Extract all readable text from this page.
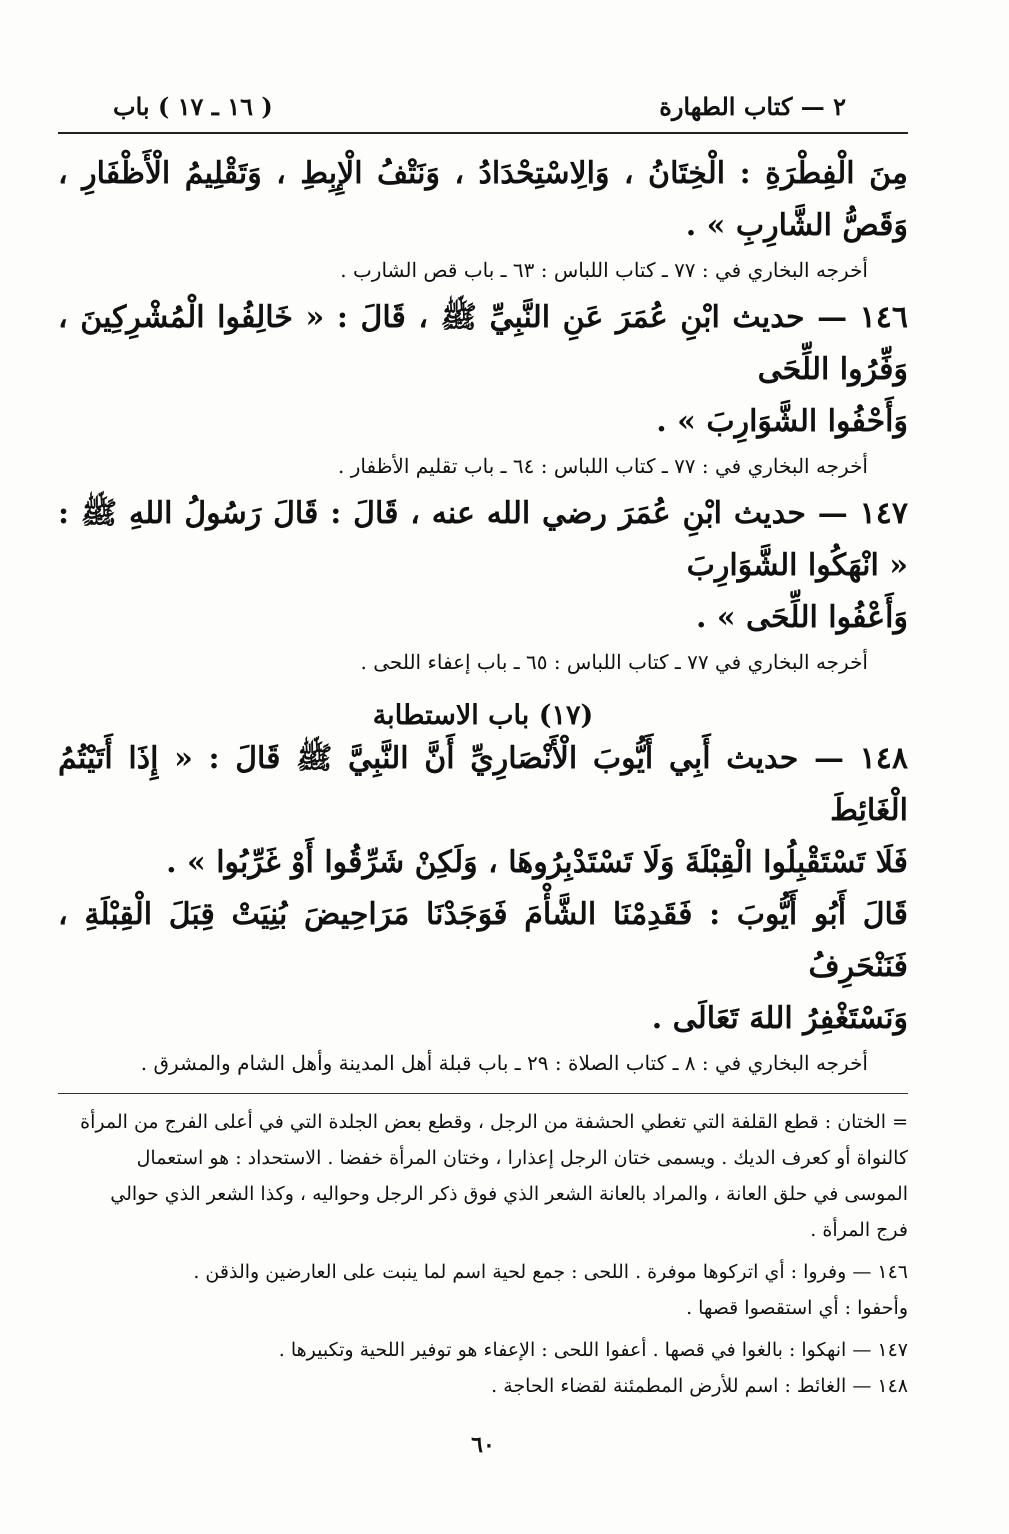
٢ — كتاب الطهارة
( ١٦ ـ ١٧ ) باب

مِنَ الْفِطْرَةِ : الْخِتَانُ ، وَالِاسْتِحْدَادُ ، وَنَتْفُ الْإِبِطِ ، وَتَقْلِيمُ الْأَظْفَارِ ، وَقَصُّ الشَّارِبِ » .

أخرجه البخاري في : ٧٧ ـ كتاب اللباس : ٦٣ ـ باب قص الشارب .

١٤٦ — حديث ابْنِ عُمَرَ عَنِ النَّبِيِّ ﷺ ، قَالَ : « خَالِفُوا الْمُشْرِكِينَ ، وَفِّرُوا اللِّحَى

وَأَحْفُوا الشَّوَارِبَ » .

أخرجه البخاري في : ٧٧ ـ كتاب اللباس : ٦٤ ـ باب تقليم الأظفار .

١٤٧ — حديث ابْنِ عُمَرَ رضي الله عنه ، قَالَ : قَالَ رَسُولُ اللهِ ﷺ : « انْهَكُوا الشَّوَارِبَ

وَأَعْفُوا اللِّحَى » .

أخرجه البخاري في ٧٧ ـ كتاب اللباس : ٦٥ ـ باب إعفاء اللحى .

(١٧) باب الاستطابة

١٤٨ — حديث أَبِي أَيُّوبَ الْأَنْصَارِيِّ أَنَّ النَّبِيَّ ﷺ قَالَ : « إِذَا أَتَيْتُمُ الْغَائِطَ

فَلَا تَسْتَقْبِلُوا الْقِبْلَةَ وَلَا تَسْتَدْبِرُوهَا ، وَلَكِنْ شَرِّقُوا أَوْ غَرِّبُوا » .

قَالَ أَبُو أَيُّوبَ : فَقَدِمْنَا الشَّأْمَ فَوَجَدْنَا مَرَاحِيضَ بُنِيَتْ قِبَلَ الْقِبْلَةِ ، فَنَنْحَرِفُ

وَنَسْتَغْفِرُ اللهَ تَعَالَى .

أخرجه البخاري في : ٨ ـ كتاب الصلاة : ٢٩ ـ باب قبلة أهل المدينة وأهل الشام والمشرق .

= الختان : قطع القلفة التي تغطي الحشفة من الرجل ، وقطع بعض الجلدة التي في أعلى الفرج من المرأة

كالنواة أو كعرف الديك . ويسمى ختان الرجل إعذارا ، وختان المرأة خفضا . الاستحداد : هو استعمال

الموسى في حلق العانة ، والمراد بالعانة الشعر الذي فوق ذكر الرجل وحواليه ، وكذا الشعر الذي حوالي

فرج المرأة .

١٤٦ — وفروا : أي اتركوها موفرة . اللحى : جمع لحية اسم لما ينبت على العارضين والذقن .

وأحفوا : أي استقصوا قصها .

١٤٧ — انهكوا : بالغوا في قصها . أعفوا اللحى : الإعفاء هو توفير اللحية وتكبيرها .

١٤٨ — الغائط : اسم للأرض المطمئنة لقضاء الحاجة .

٦٠
